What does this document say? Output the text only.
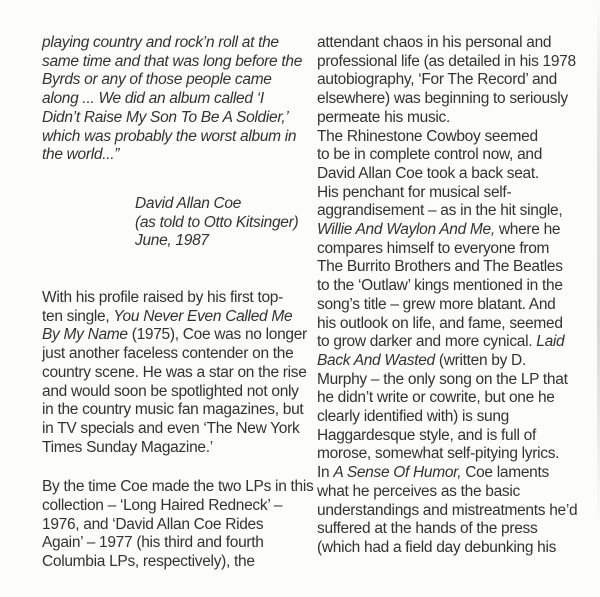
playing country and rock’n roll at the
same time and that was long before the
Byrds or any of those people came
along ... We did an album called ‘I
Didn’t Raise My Son To Be A Soldier,’
which was probably the worst album in
the world...”
David Allan Coe
(as told to Otto Kitsinger)
June, 1987
With his profile raised by his first top-
ten single, You Never Even Called Me
By My Name (1975), Coe was no longer
just another faceless contender on the
country scene. He was a star on the rise
and would soon be spotlighted not only
in the country music fan magazines, but
in TV specials and even ‘The New York
Times Sunday Magazine.’
By the time Coe made the two LPs in this
collection – ‘Long Haired Redneck’ –
1976, and ‘David Allan Coe Rides
Again’ – 1977 (his third and fourth
Columbia LPs, respectively), the
attendant chaos in his personal and
professional life (as detailed in his 1978
autobiography, ‘For The Record’ and
elsewhere) was beginning to seriously
permeate his music.
The Rhinestone Cowboy seemed
to be in complete control now, and
David Allan Coe took a back seat.
His penchant for musical self-
aggrandisement – as in the hit single,
Willie And Waylon And Me, where he
compares himself to everyone from
The Burrito Brothers and The Beatles
to the ‘Outlaw’ kings mentioned in the
song’s title – grew more blatant. And
his outlook on life, and fame, seemed
to grow darker and more cynical. Laid
Back And Wasted (written by D.
Murphy – the only song on the LP that
he didn’t write or cowrite, but one he
clearly identified with) is sung
Haggardesque style, and is full of
morose, somewhat self-pitying lyrics.
In A Sense Of Humor, Coe laments
what he perceives as the basic
understandings and mistreatments he’d
suffered at the hands of the press
(which had a field day debunking his
